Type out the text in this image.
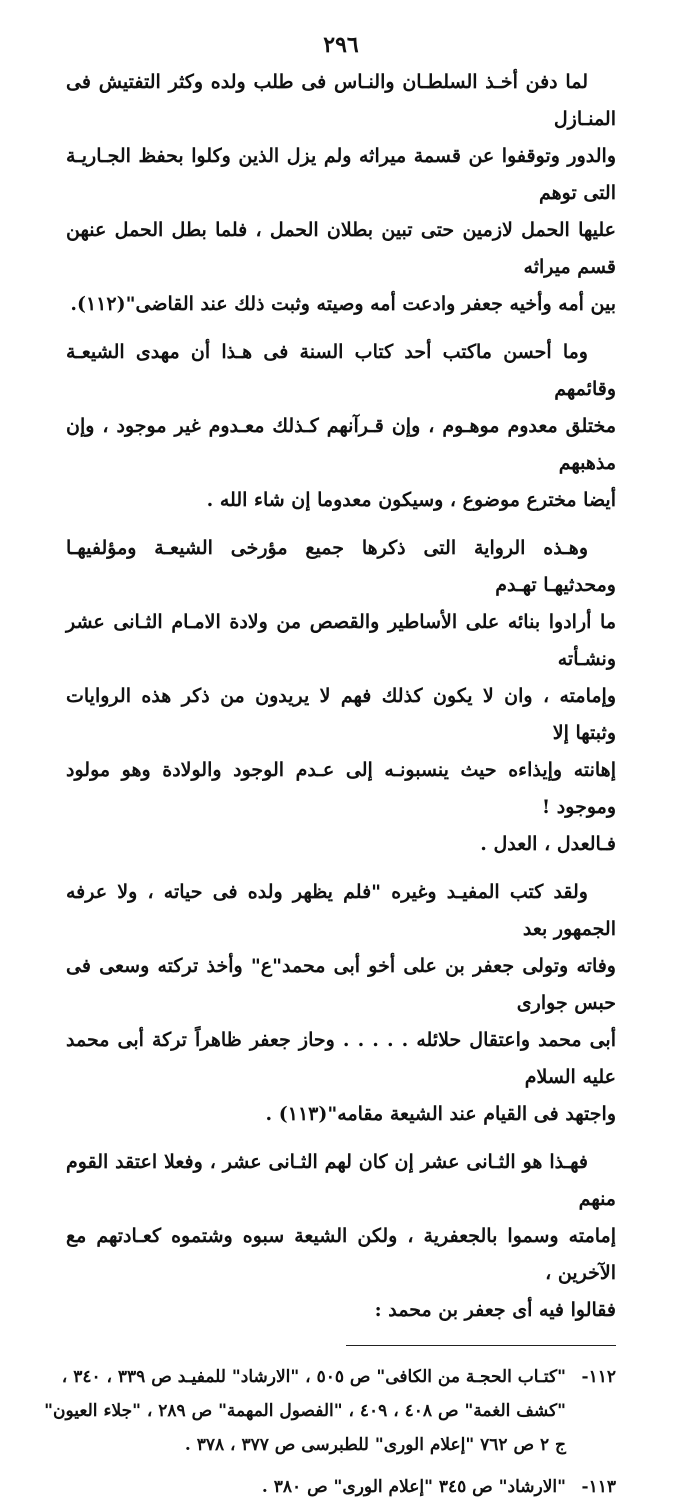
٢٩٦
لما دفن أخـذ السلطـان والنـاس فى طلب ولده وكثر التفتيش فى المنـازل
والدور وتوقفوا عن قسمة ميراثه ولم يزل الذين وكلوا بحفظ الجـاريـة التى توهم
عليها الحمل لازمين حتى تبين بطلان الحمل ، فلما بطل الحمل عنهن قسم ميراثه
بين أمه وأخيه جعفر وادعت أمه وصيته وثبت ذلك عند القاضى"(١١٢).
وما أحسن ماكتب أحد كتاب السنة فى هـذا أن مهدى الشيعـة وقائمهم
مختلق معدوم موهـوم ، وإن قـرآنهم كـذلك معـدوم غير موجود ، وإن مذهبهم
أيضا مخترع موضوع ، وسيكون معدوما إن شاء الله .
وهـذه الرواية التى ذكرها جميع مؤرخى الشيعـة ومؤلفيهـا ومحدثيهـا تهـدم
ما أرادوا بنائه على الأساطير والقصص من ولادة الامـام الثـانى عشر ونشـأته
وإمامته ، وان لا يكون كذلك فهم لا يريدون من ذكر هذه الروايات وثبتها إلا
إهانته وإيذاءه حيث ينسبونـه إلى عـدم الوجود والولادة وهو مولود وموجود !
فـالعدل ، العدل .
ولقد كتب المفيـد وغيره "فلم يظهر ولده فى حياته ، ولا عرفه الجمهور بعد
وفاته وتولى جعفر بن على أخو أبى محمد"ع" وأخذ تركته وسعى فى حبس جوارى
أبى محمد واعتقال حلائله . . . . . وحاز جعفر ظاهراً تركة أبى محمد عليه السلام
واجتهد فى القيام عند الشيعة مقامه"(١١٣) .
فهـذا هو الثـانى عشر إن كان لهم الثـانى عشر ، وفعلا اعتقد القوم منهم
إمامته وسموا بالجعفرية ، ولكن الشيعة سبوه وشتموه كعـادتهم مع الآخرين ،
فقالوا فيه أى جعفر بن محمد :
١١٢-
"كتـاب الحجـة من الكافى" ص ٥٠٥ ، "الارشاد" للمفيـد ص ٣٣٩ ، ٣٤٠ ،
"كشف الغمة" ص ٤٠٨ ، ٤٠٩ ، "الفصول المهمة" ص ٢٨٩ ، "جلاء العيون"
ج ٢ ص ٧٦٢ "إعلام الورى" للطبرسى ص ٣٧٧ ، ٣٧٨ .
١١٣-
"الارشاد" ص ٣٤٥ "إعلام الورى" ص ٣٨٠ .
